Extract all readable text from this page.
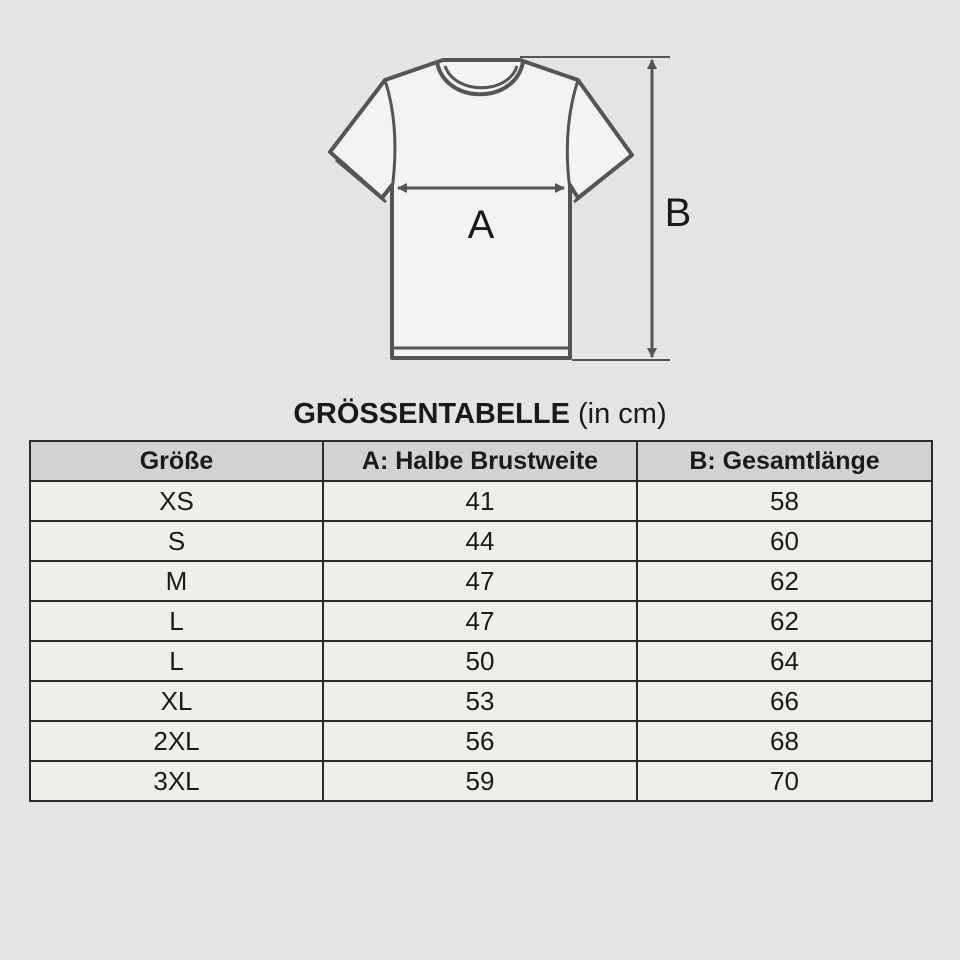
A	B
GRÖSSENTABELLE (in cm)
Größe	A: Halbe Brustweite	B: Gesamtlänge
XS	41	58
S	44	60
M	47	62
L	47	62
L	50	64
XL	53	66
2XL	56	68
3XL	59	70
